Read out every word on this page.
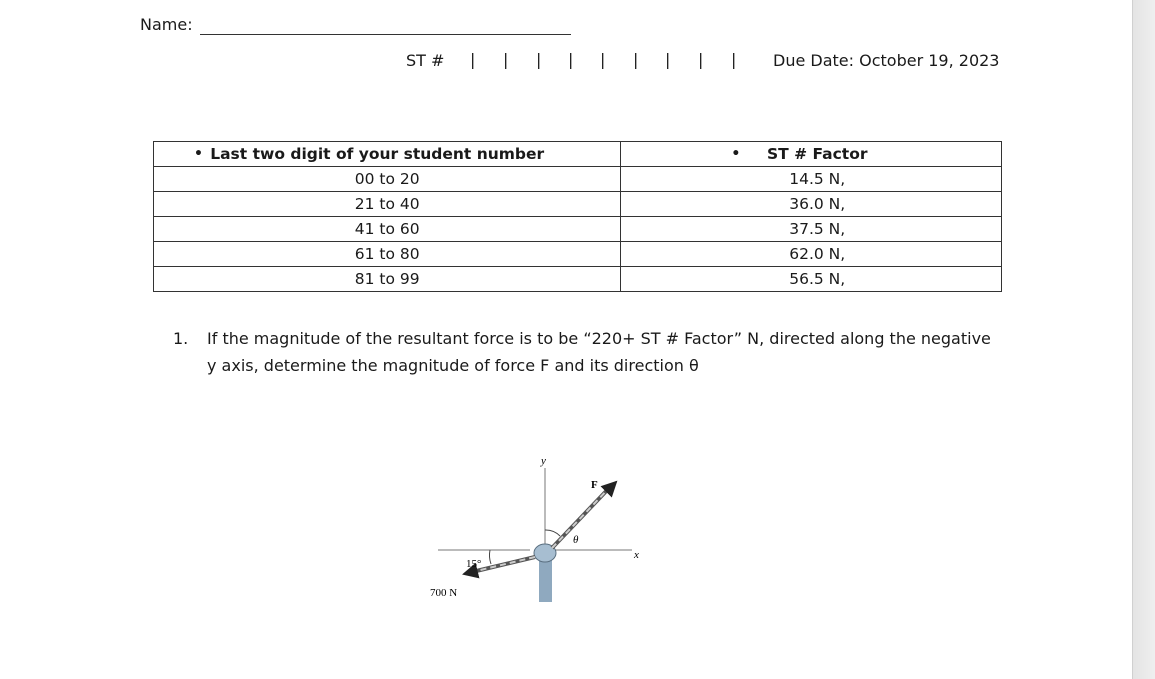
Name:
ST # | | | | | | | | | Due Date: October 19, 2023
• Last two digit of your student number	• ST # Factor
00 to 20	14.5 N,
21 to 40	36.0 N,
41 to 60	37.5 N,
61 to 80	62.0 N,
81 to 99	56.5 N,
1. If the magnitude of the resultant force is to be “220+ ST # Factor” N, directed along the negative
y axis, determine the magnitude of force F and its direction θ
y
x
F
θ
15°
700 N
